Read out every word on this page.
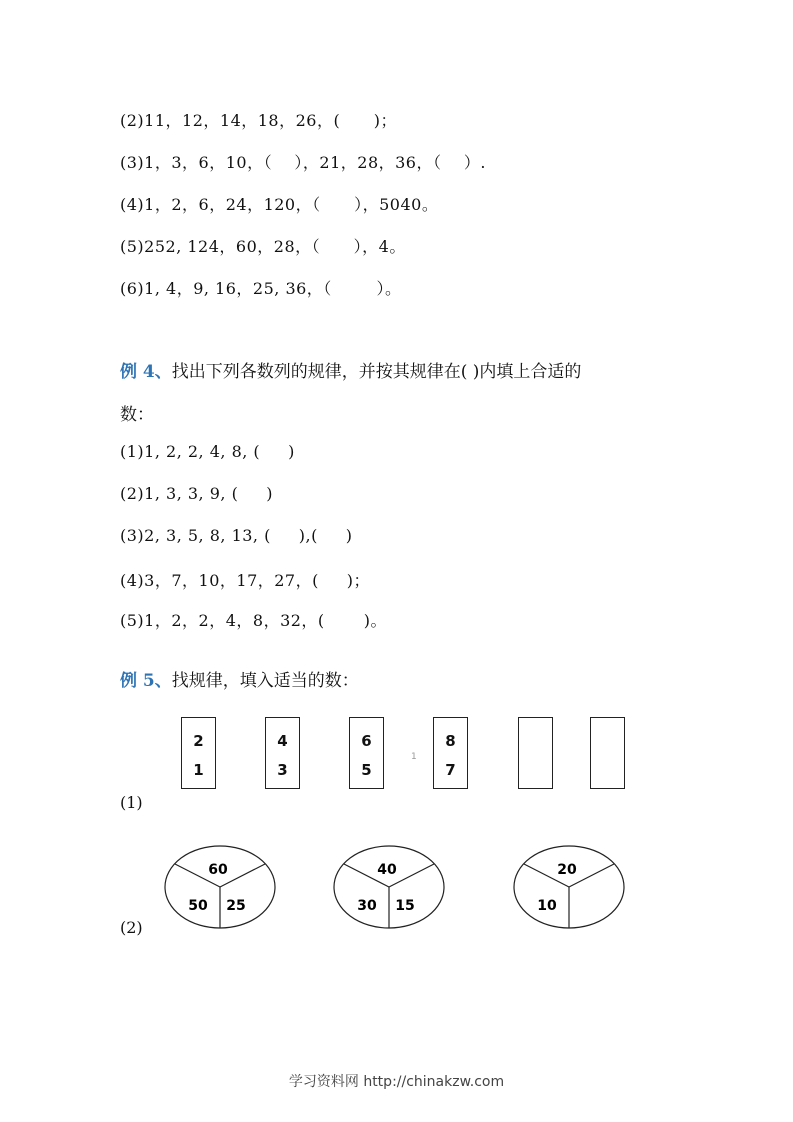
(2)11，12，14，18，26，(      )；
(3)1，3，6，10，（    ），21，28，36，（    ）.
(4)1，2，6，24，120，（      ），5040。
(5)252, 124，60，28，（      ），4。
(6)1, 4，9, 16，25, 36，（        ）。
例 4、找出下列各数列的规律，并按其规律在( )内填上合适的
数：
(1)1, 2, 2, 4, 8, (     )
(2)1, 3, 3, 9, (     )
(3)2, 3, 5, 8, 13, (     ),(     )
(4)3，7，10，17，27，(     )；
(5)1，2，2，4，8，32，(       )。
例 5、找规律，填入适当的数：
2
1
4
3
6
5
1
8
7
(1)
60
50 25
40
30 15
20
10
(2)
学习资料网 http://chinakzw.com
